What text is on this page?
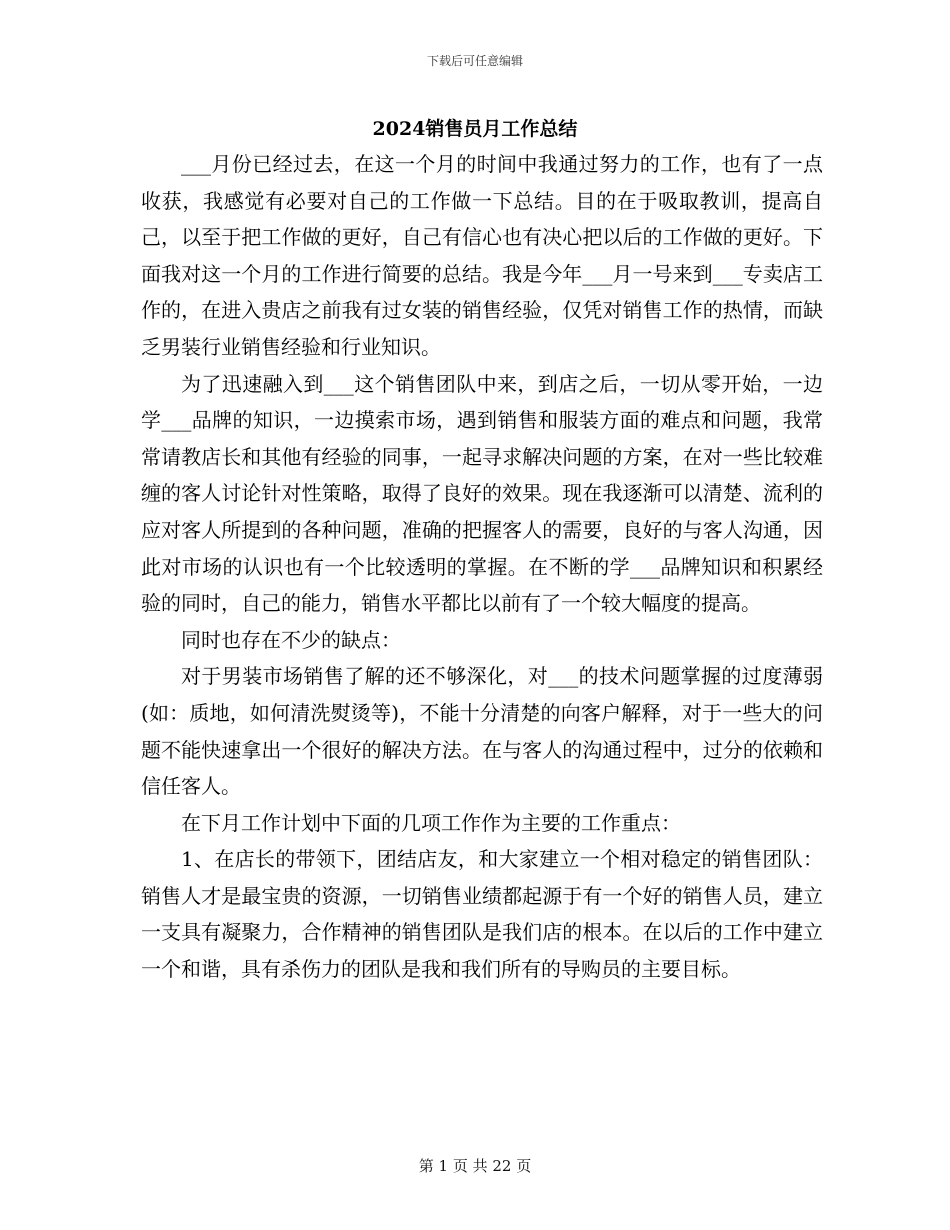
下载后可任意编辑
2024销售员月工作总结

___月份已经过去，在这一个月的时间中我通过努力的工作，也有了一点收获，我感觉有必要对自己的工作做一下总结。目的在于吸取教训，提高自己，以至于把工作做的更好，自己有信心也有决心把以后的工作做的更好。下面我对这一个月的工作进行简要的总结。我是今年___月一号来到___专卖店工作的，在进入贵店之前我有过女装的销售经验，仅凭对销售工作的热情，而缺乏男装行业销售经验和行业知识。

为了迅速融入到___这个销售团队中来，到店之后，一切从零开始，一边学___品牌的知识，一边摸索市场，遇到销售和服装方面的难点和问题，我常常请教店长和其他有经验的同事，一起寻求解决问题的方案，在对一些比较难缠的客人讨论针对性策略，取得了良好的效果。现在我逐渐可以清楚、流利的应对客人所提到的各种问题，准确的把握客人的需要，良好的与客人沟通，因此对市场的认识也有一个比较透明的掌握。在不断的学___品牌知识和积累经验的同时，自己的能力，销售水平都比以前有了一个较大幅度的提高。

同时也存在不少的缺点：

对于男装市场销售了解的还不够深化，对___的技术问题掌握的过度薄弱(如：质地，如何清洗熨烫等)，不能十分清楚的向客户解释，对于一些大的问题不能快速拿出一个很好的解决方法。在与客人的沟通过程中，过分的依赖和信任客人。

在下月工作计划中下面的几项工作作为主要的工作重点：

1、在店长的带领下，团结店友，和大家建立一个相对稳定的销售团队：销售人才是最宝贵的资源，一切销售业绩都起源于有一个好的销售人员，建立一支具有凝聚力，合作精神的销售团队是我们店的根本。在以后的工作中建立一个和谐，具有杀伤力的团队是我和我们所有的导购员的主要目标。

第 1 页 共 22 页
